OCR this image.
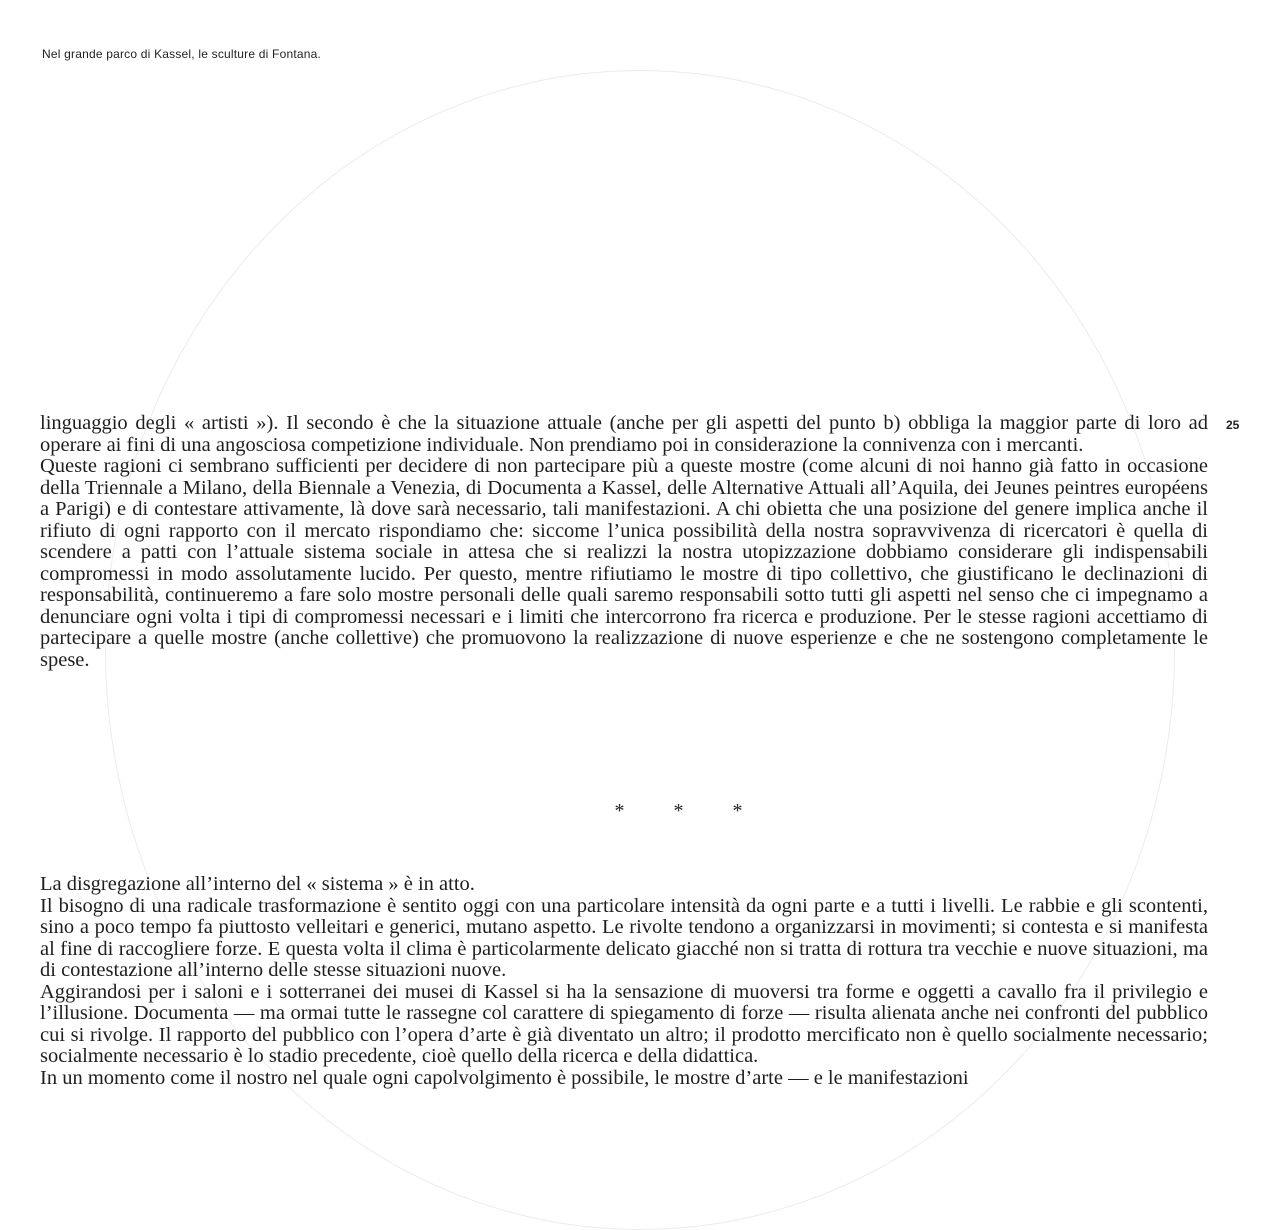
Nel grande parco di Kassel, le sculture di Fontana.
25

linguaggio degli « artisti »). Il secondo è che la situazione attuale (anche per gli aspetti del punto b) obbliga la maggior parte di loro ad operare ai fini di una angosciosa competizione individuale. Non prendiamo poi in considerazione la connivenza con i mercanti.

Queste ragioni ci sembrano sufficienti per decidere di non partecipare più a queste mostre (come alcuni di noi hanno già fatto in occasione della Triennale a Milano, della Biennale a Venezia, di Documenta a Kassel, delle Alternative Attuali all’Aquila, dei Jeunes peintres européens a Parigi) e di contestare attivamente, là dove sarà necessario, tali manifestazioni. A chi obietta che una posizione del genere implica anche il rifiuto di ogni rapporto con il mercato rispondiamo che: siccome l’unica possibilità della nostra sopravvivenza di ricercatori è quella di scendere a patti con l’attuale sistema sociale in attesa che si realizzi la nostra utopizzazione dobbiamo considerare gli indispensabili compromessi in modo assolutamente lucido. Per questo, mentre rifiutiamo le mostre di tipo collettivo, che giustificano le declinazioni di responsabilità, continueremo a fare solo mostre personali delle quali saremo responsabili sotto tutti gli aspetti nel senso che ci impegnamo a denunciare ogni volta i tipi di compromessi necessari e i limiti che intercorrono fra ricerca e produzione. Per le stesse ragioni accettiamo di partecipare a quelle mostre (anche collettive) che promuovono la realizzazione di nuove esperienze e che ne sostengono completamente le spese.

* * *

La disgregazione all’interno del « sistema » è in atto.

Il bisogno di una radicale trasformazione è sentito oggi con una particolare intensità da ogni parte e a tutti i livelli. Le rabbie e gli scontenti, sino a poco tempo fa piuttosto velleitari e generici, mutano aspetto. Le rivolte tendono a organizzarsi in movimenti; si contesta e si manifesta al fine di raccogliere forze. E questa volta il clima è particolarmente delicato giacché non si tratta di rottura tra vecchie e nuove situazioni, ma di contestazione all’interno delle stesse situazioni nuove.

Aggirandosi per i saloni e i sotterranei dei musei di Kassel si ha la sensazione di muoversi tra forme e oggetti a cavallo fra il privilegio e l’illusione. Documenta — ma ormai tutte le rassegne col carattere di spiegamento di forze — risulta alienata anche nei confronti del pubblico cui si rivolge. Il rapporto del pubblico con l’opera d’arte è già diventato un altro; il prodotto mercificato non è quello socialmente necessario; socialmente necessario è lo stadio precedente, cioè quello della ricerca e della didattica.

In un momento come il nostro nel quale ogni capolvolgimento è possibile, le mostre d’arte — e le manifestazioni
